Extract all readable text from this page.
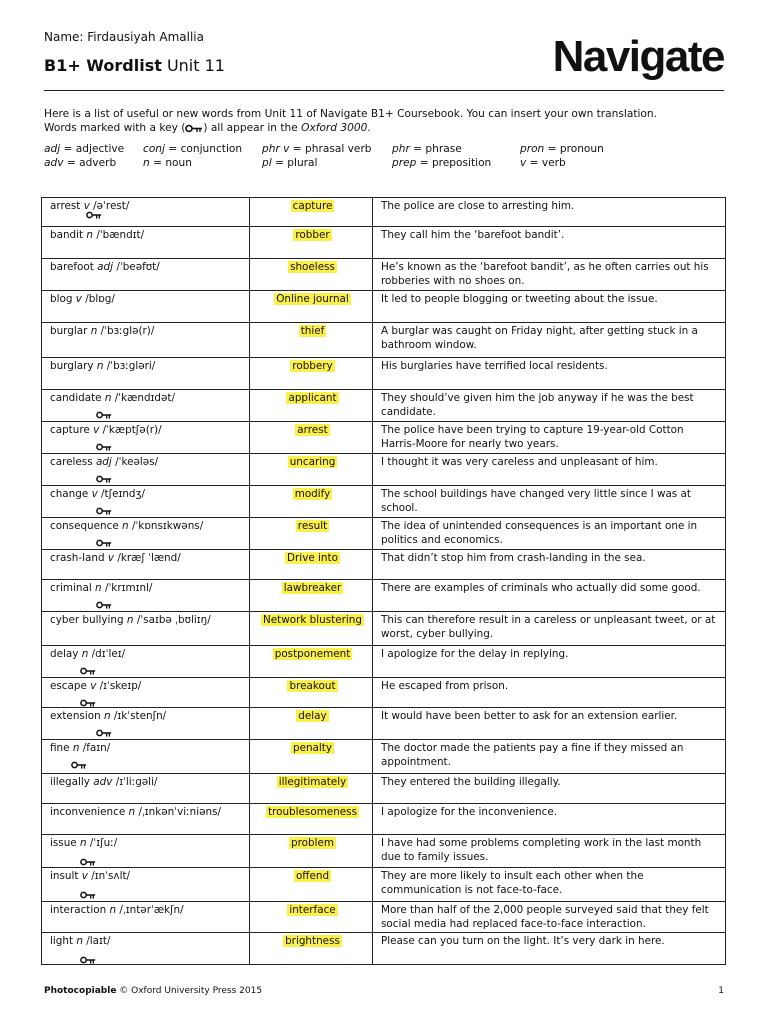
Name: Firdausiyah Amallia
B1+ Wordlist Unit 11	Navigate
Here is a list of useful or new words from Unit 11 of Navigate B1+ Coursebook. You can insert your own translation.
Words marked with a key ( ) all appear in the Oxford 3000.
adj = adjective conj = conjunction phr v = phrasal verb phr = phrase	pron = pronoun
adv = adverb	n = noun	pl = plural	prep = preposition	v = verb
arrest v /əˈrest/	capture	The police are close to arresting him.
bandit n /ˈbændɪt/	robber	They call him the ‘barefoot bandit’.
barefoot adj /ˈbeəfʊt/	shoeless	He’s known as the ‘barefoot bandit’, as he often carries out his robberies with no shoes on.
blog v /blɒg/	Online journal	It led to people blogging or tweeting about the issue.
burglar n /ˈbɜːglə(r)/	thief	A burglar was caught on Friday night, after getting stuck in a bathroom window.
burglary n /ˈbɜːgləri/	robbery	His burglaries have terrified local residents.
candidate n /ˈkændɪdət/	applicant	They should’ve given him the job anyway if he was the best candidate.
capture v /ˈkæptʃə(r)/	arrest	The police have been trying to capture 19-year-old Cotton Harris-Moore for nearly two years.
careless adj /ˈkeələs/	uncaring	I thought it was very careless and unpleasant of him.
change v /tʃeɪndʒ/	modify	The school buildings have changed very little since I was at school.
consequence n /ˈkɒnsɪkwəns/	result	The idea of unintended consequences is an important one in politics and economics.
crash-land v /kræʃ ˈlænd/	Drive into	That didn’t stop him from crash-landing in the sea.
criminal n /ˈkrɪmɪnl/	lawbreaker	There are examples of criminals who actually did some good.
cyber bullying n /ˈsaɪbə ˌbʊliɪŋ/	Network blustering	This can therefore result in a careless or unpleasant tweet, or at worst, cyber bullying.
delay n /dɪˈleɪ/	postponement	I apologize for the delay in replying.
escape v /ɪˈskeɪp/	breakout	He escaped from prison.
extension n /ɪkˈstenʃn/	delay	It would have been better to ask for an extension earlier.
fine n /faɪn/	penalty	The doctor made the patients pay a fine if they missed an appointment.
illegally adv /ɪˈliːgəli/	illegitimately	They entered the building illegally.
inconvenience n /ˌɪnkənˈviːniəns/	troublesomeness	I apologize for the inconvenience.
issue n /ˈɪʃuː/	problem	I have had some problems completing work in the last month due to family issues.
insult v /ɪnˈsʌlt/	offend	They are more likely to insult each other when the communication is not face-to-face.
interaction n /ˌɪntərˈækʃn/	interface	More than half of the 2,000 people surveyed said that they felt social media had replaced face-to-face interaction.
light n /laɪt/	brightness	Please can you turn on the light. It’s very dark in here.
Photocopiable © Oxford University Press 2015	1
